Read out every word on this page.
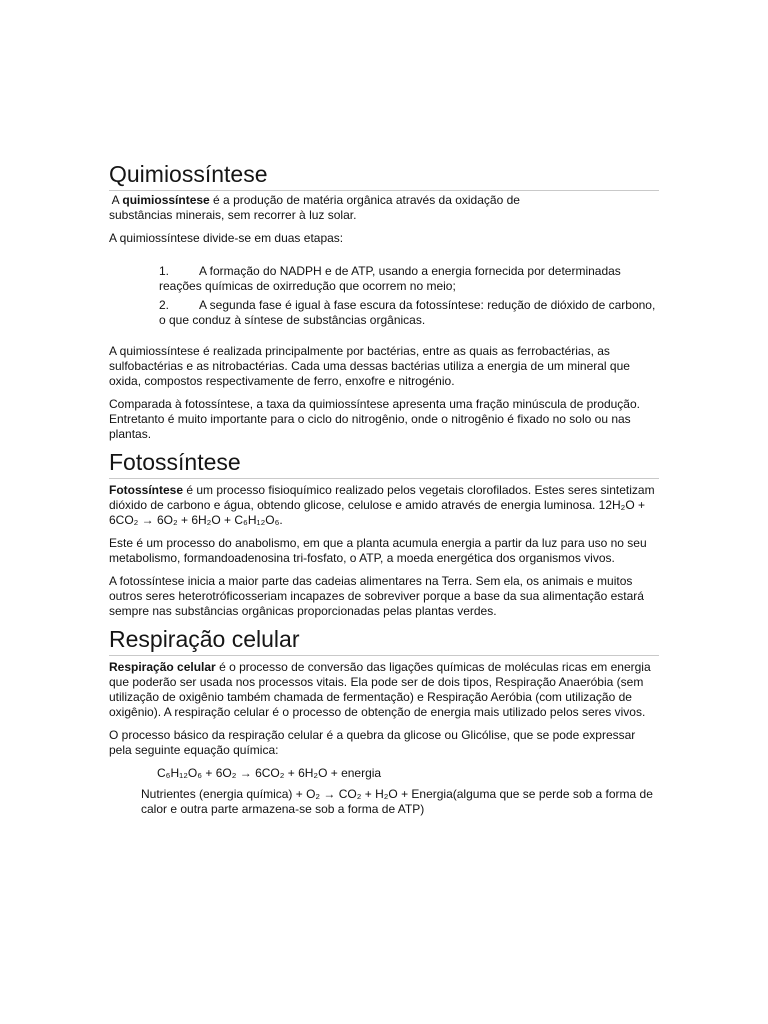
Quimiossíntese

A quimiossíntese é a produção de matéria orgânica através da oxidação de substâncias minerais, sem recorrer à luz solar.

A quimiossíntese divide-se em duas etapas:

1. A formação do NADPH e de ATP, usando a energia fornecida por determinadas reações químicas de oxirredução que ocorrem no meio;
2. A segunda fase é igual à fase escura da fotossíntese: redução de dióxido de carbono, o que conduz à síntese de substâncias orgânicas.

A quimiossíntese é realizada principalmente por bactérias, entre as quais as ferrobactérias, as sulfobactérias e as nitrobactérias. Cada uma dessas bactérias utiliza a energia de um mineral que oxida, compostos respectivamente de ferro, enxofre e nitrogénio.

Comparada à fotossíntese, a taxa da quimiossíntese apresenta uma fração minúscula de produção. Entretanto é muito importante para o ciclo do nitrogênio, onde o nitrogênio é fixado no solo ou nas plantas.

Fotossíntese

Fotossíntese é um processo fisioquímico realizado pelos vegetais clorofilados. Estes seres sintetizam dióxido de carbono e água, obtendo glicose, celulose e amido através de energia luminosa. 12H₂O + 6CO₂ → 6O₂ + 6H₂O + C₆H₁₂O₆.

Este é um processo do anabolismo, em que a planta acumula energia a partir da luz para uso no seu metabolismo, formandoadenosina tri-fosfato, o ATP, a moeda energética dos organismos vivos.

A fotossíntese inicia a maior parte das cadeias alimentares na Terra. Sem ela, os animais e muitos outros seres heterotróficosseriam incapazes de sobreviver porque a base da sua alimentação estará sempre nas substâncias orgânicas proporcionadas pelas plantas verdes.

Respiração celular

Respiração celular é o processo de conversão das ligações químicas de moléculas ricas em energia que poderão ser usada nos processos vitais. Ela pode ser de dois tipos, Respiração Anaeróbia (sem utilização de oxigênio também chamada de fermentação) e Respiração Aeróbia (com utilização de oxigênio). A respiração celular é o processo de obtenção de energia mais utilizado pelos seres vivos.

O processo básico da respiração celular é a quebra da glicose ou Glicólise, que se pode expressar pela seguinte equação química:

C₆H₁₂O₆ + 6O₂ → 6CO₂ + 6H₂O + energia
Nutrientes (energia química) + O₂ → CO₂ + H₂O + Energia(alguma que se perde sob a forma de calor e outra parte armazena-se sob a forma de ATP)
